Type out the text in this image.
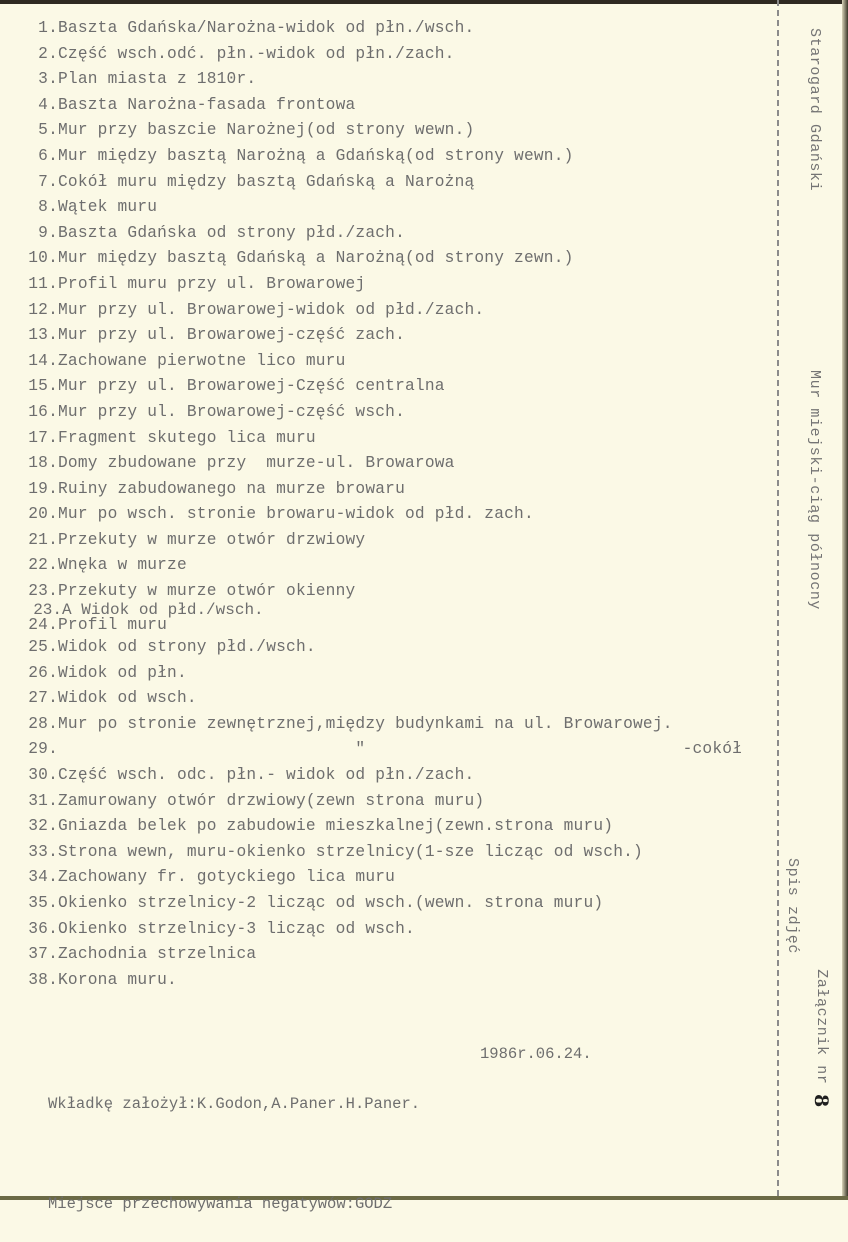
1.Baszta Gdańska/Narożna-widok od płn./wsch.
2.Część wsch.odć. płn.-widok od płn./zach.
3.Plan miasta z 1810r.
4.Baszta Narożna-fasada frontowa
5.Mur przy baszcie Narożnej(od strony wewn.)
6.Mur między basztą Narożną a Gdańską(od strony wewn.)
7.Cokół muru między basztą Gdańską a Narożną
8.Wątek muru
9.Baszta Gdańska od strony płd./zach.
10.Mur między basztą Gdańską a Narożną(od strony zewn.)
11.Profil muru przy ul. Browarowej
12.Mur przy ul. Browarowej-widok od płd./zach.
13.Mur przy ul. Browarowej-część zach.
14.Zachowane pierwotne lico muru
15.Mur przy ul. Browarowej-Część centralna
16.Mur przy ul. Browarowej-część wsch.
17.Fragment skutego lica muru
18.Domy zbudowane przy  murze-ul. Browarowa
19.Ruiny zabudowanego na murze browaru
20.Mur po wsch. stronie browaru-widok od płd. zach.
21.Przekuty w murze otwór drzwiowy
22.Wnęka w murze
23.Przekuty w murze otwór okienny
24.Profil muru
25.Widok od strony płd./wsch.
26.Widok od płn.
27.Widok od wsch.
28.Mur po stronie zewnętrznej,między budynkami na ul. Browarowej.
29.                              "                                -cokół
30.Część wsch. odc. płn.- widok od płn./zach.
31.Zamurowany otwór drzwiowy(zewn strona muru)
32.Gniazda belek po zabudowie mieszkalnej(zewn.strona muru)
33.Strona wewn, muru-okienko strzelnicy(1-sze licząc od wsch.)
34.Zachowany fr. gotyckiego lica muru
35.Okienko strzelnicy-2 licząc od wsch.(wewn. strona muru)
36.Okienko strzelnicy-3 licząc od wsch.
37.Zachodnia strzelnica
38.Korona muru.

23.A Widok od płd./wsch.

Wkładkę założył:K.Godon,A.Paner.H.Paner.

1986r.06.24.

Miejsce przechowywania negatywów:GODZ

Starogard Gdański
Mur miejski-ciąg północny
Spis zdjęć

Załącznik nr 8
